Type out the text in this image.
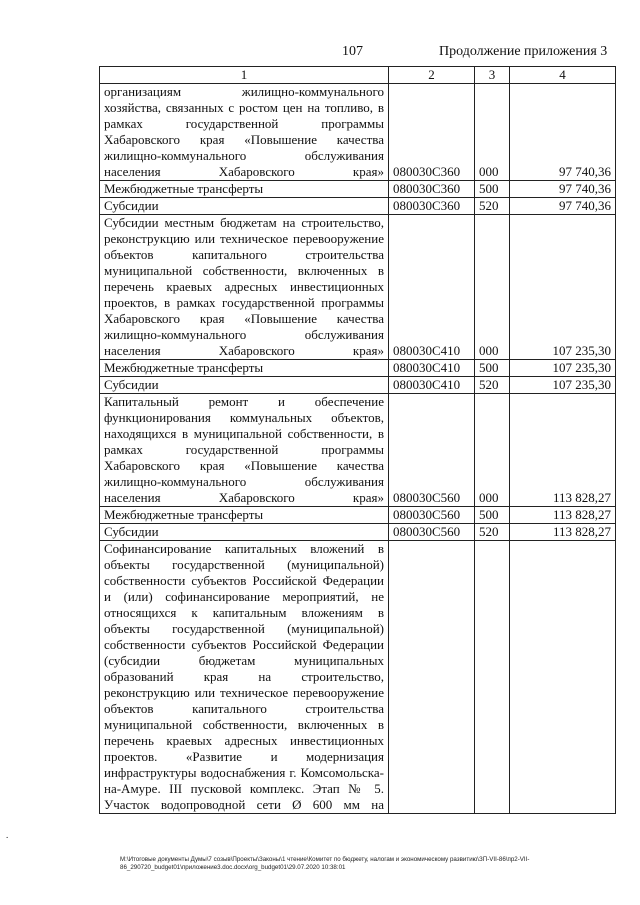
107	Продолжение приложения 3
1	2	3	4
организациям жилищно-коммунального хозяйства, связанных с ростом цен на топливо, в рамках государственной программы Хабаровского края «Повышение качества жилищно-коммунального обслуживания населения Хабаровского края»	080030С360	000	97 740,36
Межбюджетные трансферты	080030С360	500	97 740,36
Субсидии	080030С360	520	97 740,36
Субсидии местным бюджетам на строительство, реконструкцию или техническое перевооружение объектов капитального строительства муниципальной собственности, включенных в перечень краевых адресных инвестиционных проектов, в рамках государственной программы Хабаровского края «Повышение качества жилищно-коммунального обслуживания населения Хабаровского края»	080030С410	000	107 235,30
Межбюджетные трансферты	080030С410	500	107 235,30
Субсидии	080030С410	520	107 235,30
Капитальный ремонт и обеспечение функционирования коммунальных объектов, находящихся в муниципальной собственности, в рамках государственной программы Хабаровского края «Повышение качества жилищно-коммунального обслуживания населения Хабаровского края»	080030С560	000	113 828,27
Межбюджетные трансферты	080030С560	500	113 828,27
Субсидии	080030С560	520	113 828,27
Софинансирование капитальных вложений в объекты государственной (муниципальной) собственности субъектов Российской Федерации и (или) софинансирование мероприятий, не относящихся к капитальным вложениям в объекты государственной (муниципальной) собственности субъектов Российской Федерации (субсидии бюджетам муниципальных образований края на строительство, реконструкцию или техническое перевооружение объектов капитального строительства муниципальной собственности, включенных в перечень краевых адресных инвестиционных проектов. «Развитие и модернизация инфраструктуры водоснабжения г. Комсомольска-на-Амуре. III пусковой комплекс. Этап № 5. Участок водопроводной сети Ø 600 мм на			
.
M:\Итоговые документы Думы\7 созыв\Проекты\Законы\1 чтение\Комитет по бюджету, налогам и экономическому развитию\ЗП-VII-86\пр2-VII-86_290720_budget01\приложение3.doc.docx\org_budget01\29.07.2020 10:38:01
